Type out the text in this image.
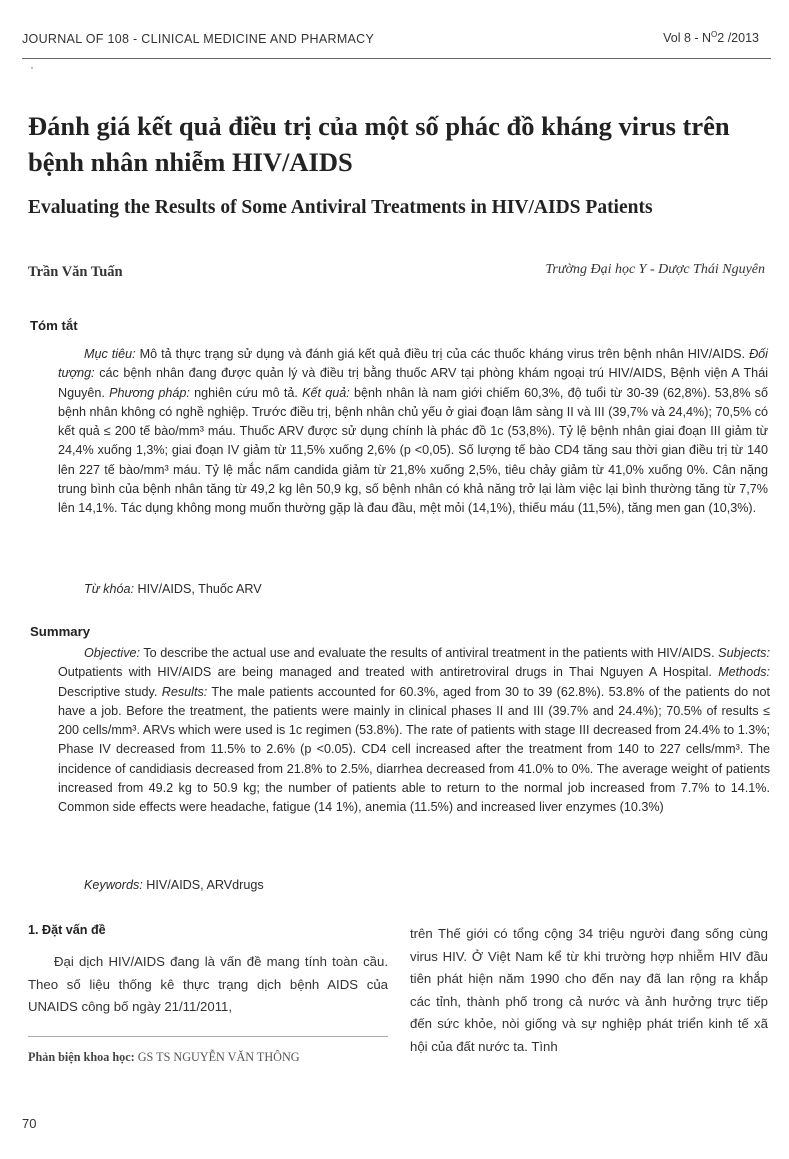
JOURNAL OF 108 - CLINICAL MEDICINE AND PHARMACY	Vol $8 - N^O2$ /2013
·
Đánh giá kết quả điều trị của một số phác đồ kháng virus trên bệnh nhân nhiễm HIV/AIDS
Evaluating the Results of Some Antiviral Treatments in HIV/AIDS Patients
Trần Văn Tuấn	Trường Đại học Y - Dược Thái Nguyên
Tóm tắt

Mục tiêu: Mô tả thực trạng sử dụng và đánh giá kết quả điều trị của các thuốc kháng virus trên bệnh nhân HIV/AIDS. Đối tượng: các bệnh nhân đang được quản lý và điều trị bằng thuốc ARV tại phòng khám ngoại trú HIV/AIDS, Bệnh viện A Thái Nguyên. Phương pháp: nghiên cứu mô tả. Kết quả: bệnh nhân là nam giới chiếm 60,3%, độ tuổi từ 30-39 (62,8%). 53,8% số bệnh nhân không có nghề nghiệp. Trước điều trị, bệnh nhân chủ yếu ở giai đoạn lâm sàng II và III (39,7% và 24,4%); 70,5% có kết quả ≤ 200 tế bào/mm³ máu. Thuốc ARV được sử dụng chính là phác đồ 1c (53,8%). Tỷ lệ bệnh nhân giai đoạn III giảm từ 24,4% xuống 1,3%; giai đoạn IV giảm từ 11,5% xuống 2,6% (p <0,05). Số lượng tế bào CD4 tăng sau thời gian điều trị từ 140 lên 227 tế bào/mm³ máu. Tỷ lệ mắc nấm candida giảm từ 21,8% xuống 2,5%, tiêu chảy giảm từ 41,0% xuống 0%. Cân nặng trung bình của bệnh nhân tăng từ 49,2 kg lên 50,9 kg, số bệnh nhân có khả năng trở lại làm việc lại bình thường tăng từ 7,7% lên 14,1%. Tác dụng không mong muốn thường gặp là đau đầu, mệt mỏi (14,1%), thiếu máu (11,5%), tăng men gan (10,3%).

Từ khóa: HIV/AIDS, Thuốc ARV

Summary

Objective: To describe the actual use and evaluate the results of antiviral treatment in the patients with HIV/AIDS. Subjects: Outpatients with HIV/AIDS are being managed and treated with antiretroviral drugs in Thai Nguyen A Hospital. Methods: Descriptive study. Results: The male patients accounted for 60.3%, aged from 30 to 39 (62.8%). 53.8% of the patients do not have a job. Before the treatment, the patients were mainly in clinical phases II and III (39.7% and 24.4%); 70.5% of results ≤ 200 cells/mm³. ARVs which were used is 1c regimen (53.8%). The rate of patients with stage III decreased from 24.4% to 1.3%; Phase IV decreased from 11.5% to 2.6% (p <0.05). CD4 cell increased after the treatment from 140 to 227 cells/mm³. The incidence of candidiasis decreased from 21.8% to 2.5%, diarrhea decreased from 41.0% to 0%. The average weight of patients increased from 49.2 kg to 50.9 kg; the number of patients able to return to the normal job increased from 7.7% to 14.1%. Common side effects were headache, fatigue (14 1%), anemia (11.5%) and increased liver enzymes (10.3%)

Keywords: HIV/AIDS, ARVdrugs

1. Đặt vấn đề

Đại dịch HIV/AIDS đang là vấn đề mang tính toàn cầu. Theo số liệu thống kê thực trạng dịch bệnh AIDS của UNAIDS công bố ngày 21/11/2011,

trên Thế giới có tổng cộng 34 triệu người đang sống cùng virus HIV. Ở Việt Nam kể từ khi trường hợp nhiễm HIV đầu tiên phát hiện năm 1990 cho đến nay đã lan rộng ra khắp các tỉnh, thành phố trong cả nước và ảnh hưởng trực tiếp đến sức khỏe, nòi giống và sự nghiệp phát triển kinh tế xã hội của đất nước ta. Tình

Phản biện khoa học: GS TS NGUYỄN VĂN THÔNG
70
